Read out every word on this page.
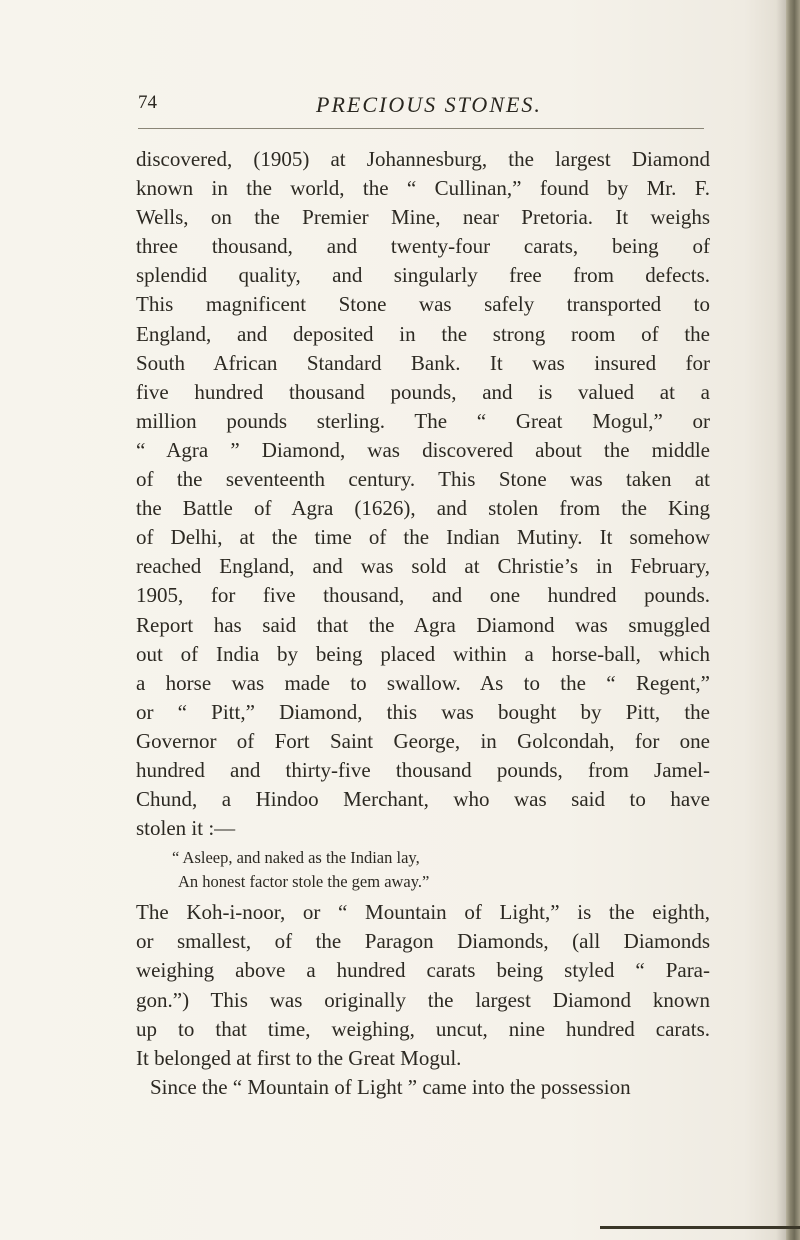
74	PRECIOUS STONES.
discovered, (1905) at Johannesburg, the largest Diamond
known in the world, the “ Cullinan,” found by Mr. F.
Wells, on the Premier Mine, near Pretoria. It weighs
three thousand, and twenty-four carats, being of
splendid quality, and singularly free from defects.
This magnificent Stone was safely transported to
England, and deposited in the strong room of the
South African Standard Bank. It was insured for
five hundred thousand pounds, and is valued at a
million pounds sterling. The “ Great Mogul,” or
“ Agra ” Diamond, was discovered about the middle
of the seventeenth century. This Stone was taken at
the Battle of Agra (1626), and stolen from the King
of Delhi, at the time of the Indian Mutiny. It somehow
reached England, and was sold at Christie’s in February,
1905, for five thousand, and one hundred pounds.
Report has said that the Agra Diamond was smuggled
out of India by being placed within a horse-ball, which
a horse was made to swallow. As to the “ Regent,”
or “ Pitt,” Diamond, this was bought by Pitt, the
Governor of Fort Saint George, in Golcondah, for one
hundred and thirty-five thousand pounds, from Jamel-
Chund, a Hindoo Merchant, who was said to have
stolen it :—
“ Asleep, and naked as the Indian lay,
An honest factor stole the gem away.”
The Koh-i-noor, or “ Mountain of Light,” is the eighth,
or smallest, of the Paragon Diamonds, (all Diamonds
weighing above a hundred carats being styled “ Para-
gon.”) This was originally the largest Diamond known
up to that time, weighing, uncut, nine hundred carats.
It belonged at first to the Great Mogul.
Since the “ Mountain of Light ” came into the possession
